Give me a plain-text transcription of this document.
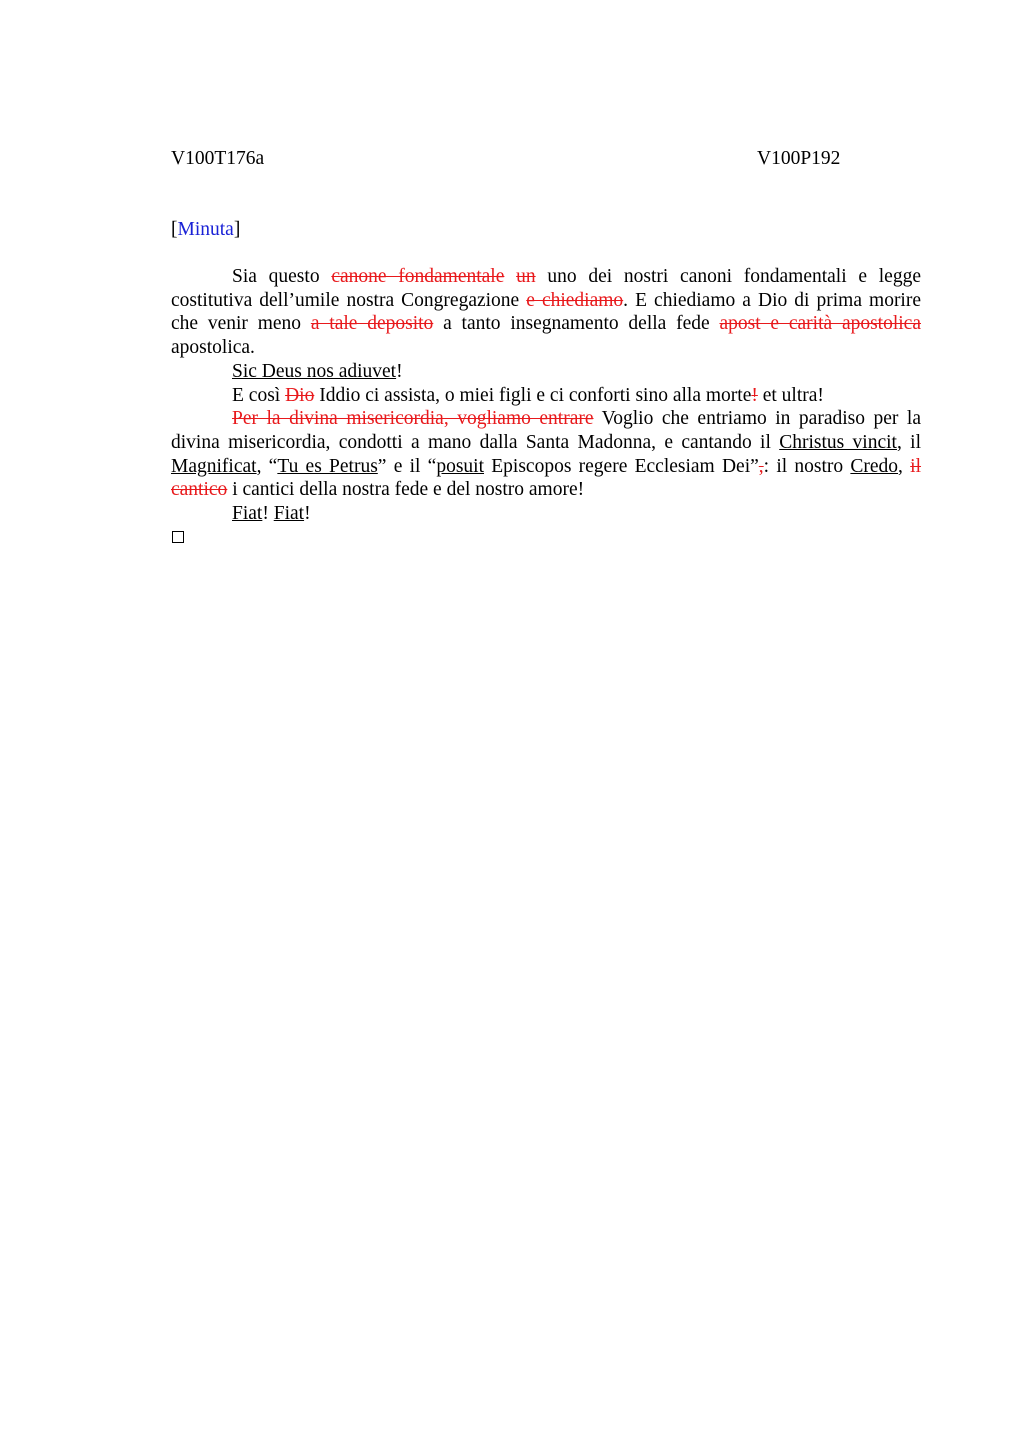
V100T176a	V100P192
[Minuta]

Sia questo canone fondamentale un uno dei nostri canoni fondamentali e legge costitutiva dell’umile nostra Congregazione e chiediamo. E chiediamo a Dio di prima morire che venir meno a tale deposito a tanto insegnamento della fede apost e carità apostolica apostolica.

Sic Deus nos adiuvet!

E così Dio Iddio ci assista, o miei figli e ci conforti sino alla morte! et ultra!

Per la divina misericordia, vogliamo entrare Voglio che entriamo in paradiso per la divina misericordia, condotti a mano dalla Santa Madonna, e cantando il Christus vincit, il Magnificat, “Tu es Petrus” e il “posuit Episcopos regere Ecclesiam Dei”,: il nostro Credo, il cantico i cantici della nostra fede e del nostro amore!

Fiat! Fiat!
